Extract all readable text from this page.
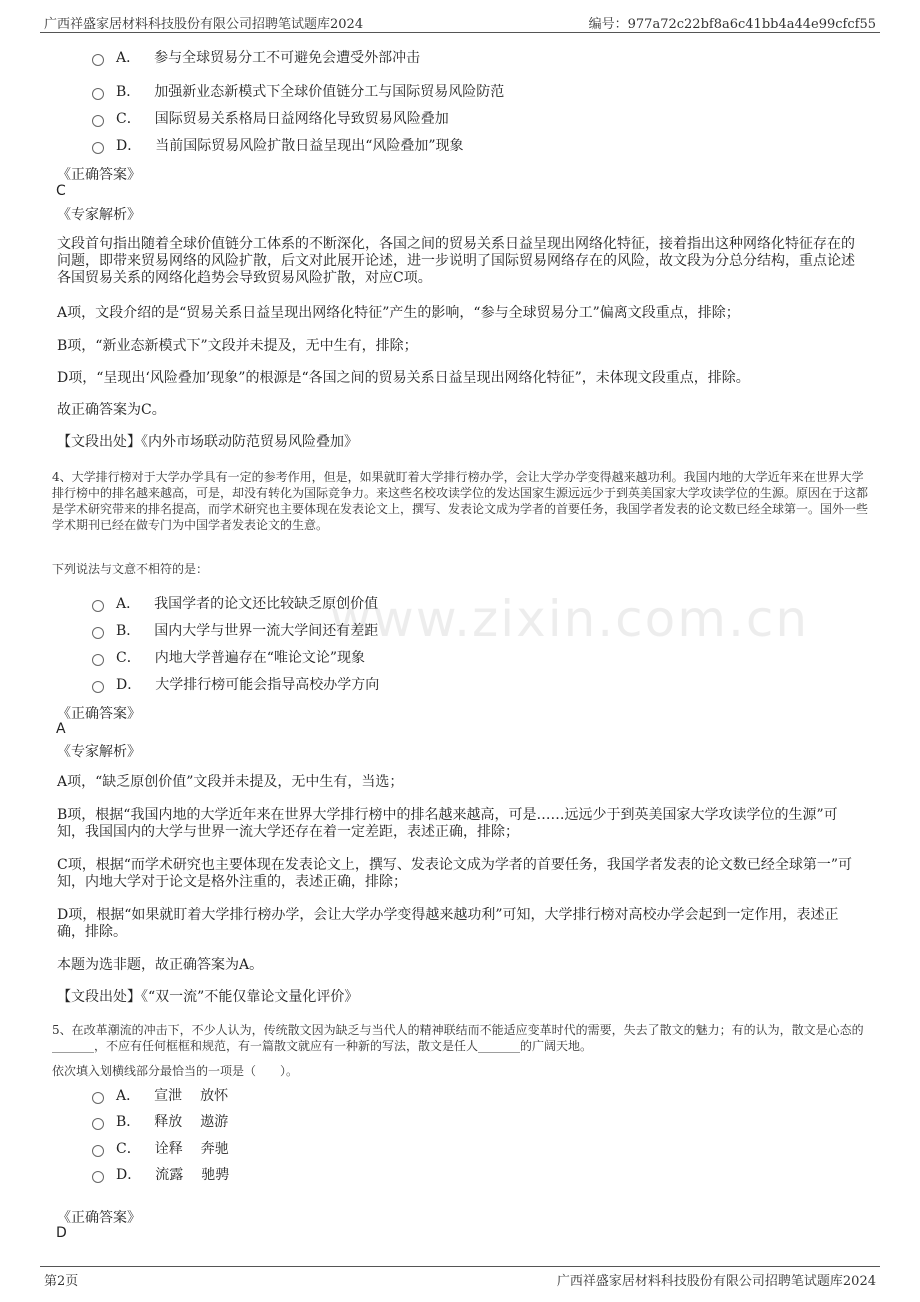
广西祥盛家居材料科技股份有限公司招聘笔试题库2024	编号：977a72c22bf8a6c41bb4a44e99cfcf55
www.zixin.com.cn
A． 参与全球贸易分工不可避免会遭受外部冲击
B． 加强新业态新模式下全球价值链分工与国际贸易风险防范
C． 国际贸易关系格局日益网络化导致贸易风险叠加
D． 当前国际贸易风险扩散日益呈现出“风险叠加”现象
《正确答案》
C
《专家解析》
文段首句指出随着全球价值链分工体系的不断深化，各国之间的贸易关系日益呈现出网络化特征，接着指出这种网络化特征存在的问题，即带来贸易网络的风险扩散，后文对此展开论述，进一步说明了国际贸易网络存在的风险，故文段为分总分结构，重点论述各国贸易关系的网络化趋势会导致贸易风险扩散，对应C项。
A项，文段介绍的是“贸易关系日益呈现出网络化特征”产生的影响，“参与全球贸易分工”偏离文段重点，排除；
B项，“新业态新模式下”文段并未提及，无中生有，排除；
D项，“呈现出‘风险叠加’现象”的根源是“各国之间的贸易关系日益呈现出网络化特征”，未体现文段重点，排除。
故正确答案为C。
【文段出处】《内外市场联动防范贸易风险叠加》
4、大学排行榜对于大学办学具有一定的参考作用，但是，如果就盯着大学排行榜办学，会让大学办学变得越来越功利。我国内地的大学近年来在世界大学排行榜中的排名越来越高，可是，却没有转化为国际竞争力。来这些名校攻读学位的发达国家生源远远少于到英美国家大学攻读学位的生源。原因在于这都是学术研究带来的排名提高，而学术研究也主要体现在发表论文上，撰写、发表论文成为学者的首要任务，我国学者发表的论文数已经全球第一。国外一些学术期刊已经在做专门为中国学者发表论文的生意。
下列说法与文意不相符的是：
A． 我国学者的论文还比较缺乏原创价值
B． 国内大学与世界一流大学间还有差距
C． 内地大学普遍存在“唯论文论”现象
D． 大学排行榜可能会指导高校办学方向
《正确答案》
A
《专家解析》
A项，“缺乏原创价值”文段并未提及，无中生有，当选；
B项，根据“我国内地的大学近年来在世界大学排行榜中的排名越来越高，可是……远远少于到英美国家大学攻读学位的生源”可知，我国国内的大学与世界一流大学还存在着一定差距，表述正确，排除；
C项，根据“而学术研究也主要体现在发表论文上，撰写、发表论文成为学者的首要任务，我国学者发表的论文数已经全球第一”可知，内地大学对于论文是格外注重的，表述正确，排除；
D项，根据“如果就盯着大学排行榜办学，会让大学办学变得越来越功利”可知，大学排行榜对高校办学会起到一定作用，表述正确，排除。
本题为选非题，故正确答案为A。
【文段出处】《“双一流”不能仅靠论文量化评价》
5、在改革潮流的冲击下，不少人认为，传统散文因为缺乏与当代人的精神联结而不能适应变革时代的需要，失去了散文的魅力；有的认为，散文是心态的_______，不应有任何框框和规范，有一篇散文就应有一种新的写法，散文是任人_______的广阔天地。
依次填入划横线部分最恰当的一项是（　　）。
A． 宣泄 放怀
B． 释放 遨游
C． 诠释 奔驰
D． 流露 驰骋
《正确答案》
D
第2页	广西祥盛家居材料科技股份有限公司招聘笔试题库2024
